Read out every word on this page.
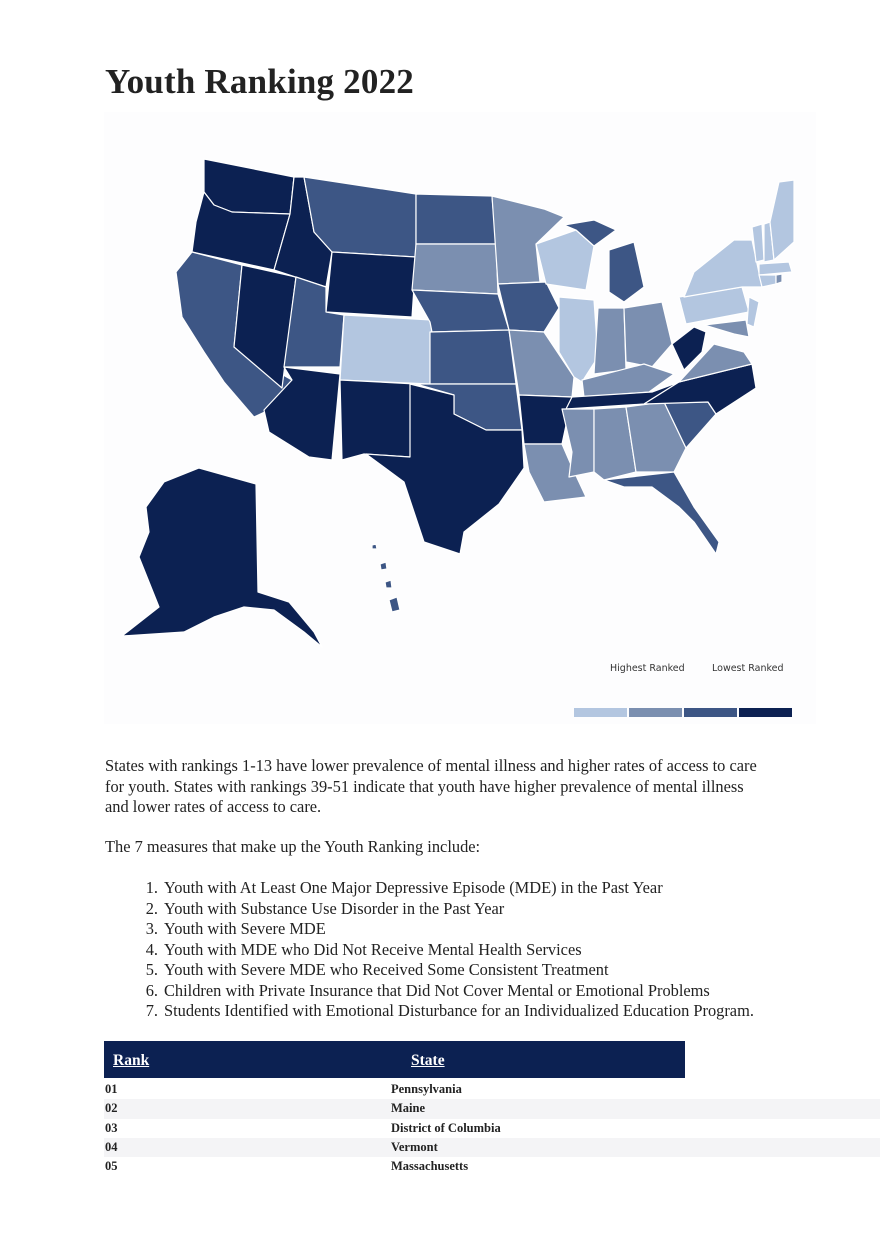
Youth Ranking 2022
Highest Ranked	Lowest Ranked

States with rankings 1-13 have lower prevalence of mental illness and higher rates of access to care
for youth. States with rankings 39-51 indicate that youth have higher prevalence of mental illness
and lower rates of access to care.

The 7 measures that make up the Youth Ranking include:

1. Youth with At Least One Major Depressive Episode (MDE) in the Past Year
2. Youth with Substance Use Disorder in the Past Year
3. Youth with Severe MDE
4. Youth with MDE who Did Not Receive Mental Health Services
5. Youth with Severe MDE who Received Some Consistent Treatment
6. Children with Private Insurance that Did Not Cover Mental or Emotional Problems
7. Students Identified with Emotional Disturbance for an Individualized Education Program.
Rank	State
01	Pennsylvania
02	Maine
03	District of Columbia
04	Vermont
05	Massachusetts
